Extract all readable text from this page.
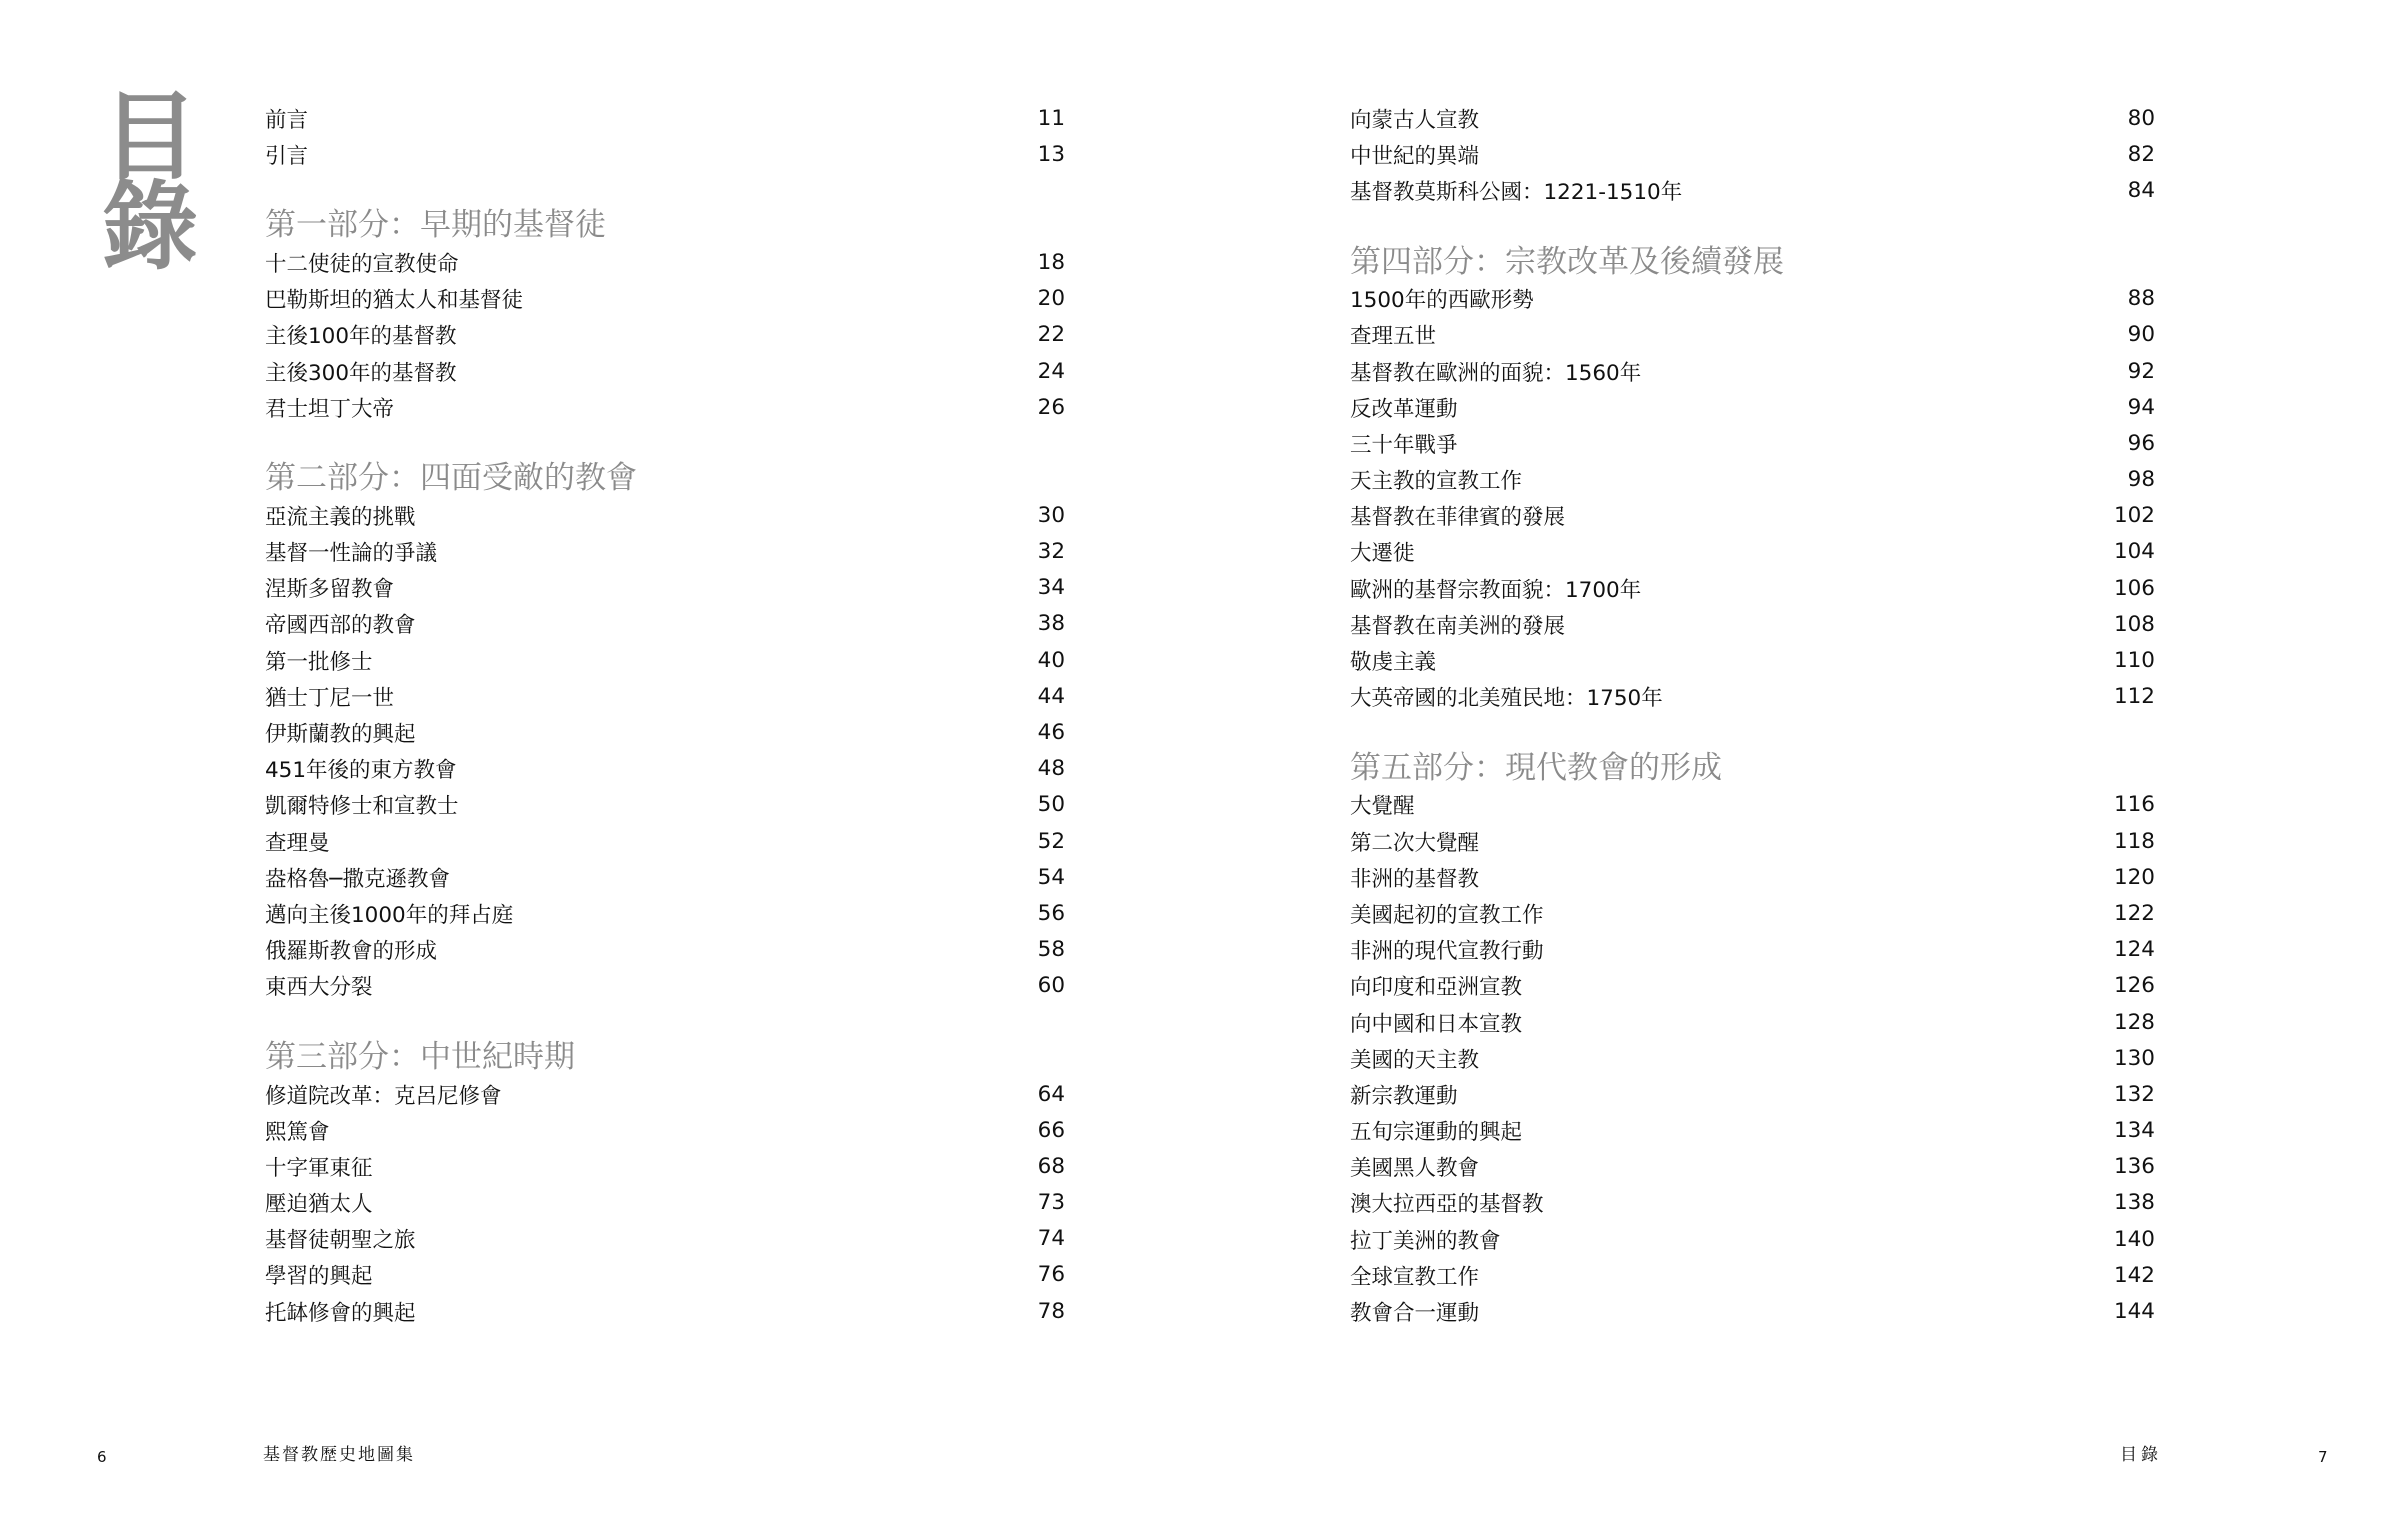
目
錄
前言	11
引言	13
第一部分：早期的基督徒
十二使徒的宣教使命	18
巴勒斯坦的猶太人和基督徒	20
主後100年的基督教	22
主後300年的基督教	24
君士坦丁大帝	26
第二部分：四面受敵的教會
亞流主義的挑戰	30
基督一性論的爭議	32
涅斯多留教會	34
帝國西部的教會	38
第一批修士	40
猶士丁尼一世	44
伊斯蘭教的興起	46
451年後的東方教會	48
凱爾特修士和宣教士	50
查理曼	52
盎格魯─撒克遜教會	54
邁向主後1000年的拜占庭	56
俄羅斯教會的形成	58
東西大分裂	60
第三部分：中世紀時期
修道院改革：克呂尼修會	64
熙篤會	66
十字軍東征	68
壓迫猶太人	73
基督徒朝聖之旅	74
學習的興起	76
托缽修會的興起	78
6	基督教歷史地圖集	目錄	7
向蒙古人宣教	80
中世紀的異端	82
基督教莫斯科公國：1221-1510年	84
第四部分：宗教改革及後續發展
1500年的西歐形勢	88
查理五世	90
基督教在歐洲的面貌：1560年	92
反改革運動	94
三十年戰爭	96
天主教的宣教工作	98
基督教在菲律賓的發展	102
大遷徙	104
歐洲的基督宗教面貌：1700年	106
基督教在南美洲的發展	108
敬虔主義	110
大英帝國的北美殖民地：1750年	112
第五部分：現代教會的形成
大覺醒	116
第二次大覺醒	118
非洲的基督教	120
美國起初的宣教工作	122
非洲的現代宣教行動	124
向印度和亞洲宣教	126
向中國和日本宣教	128
美國的天主教	130
新宗教運動	132
五旬宗運動的興起	134
美國黑人教會	136
澳大拉西亞的基督教	138
拉丁美洲的教會	140
全球宣教工作	142
教會合一運動	144
